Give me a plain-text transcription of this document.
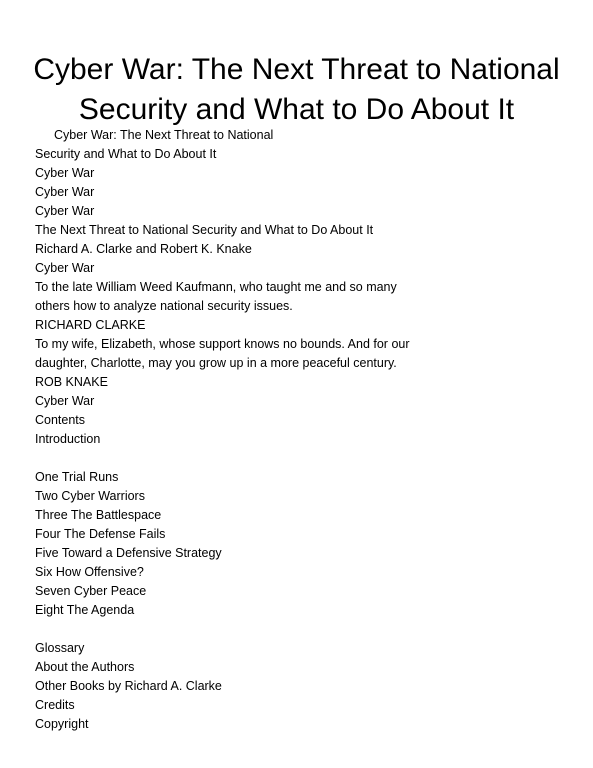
Cyber War: The Next Threat to National
Security and What to Do About It
Cyber War: The Next Threat to National
Security and What to Do About It
Cyber War
Cyber War
Cyber War
The Next Threat to National Security and What to Do About It
Richard A. Clarke and Robert K. Knake
Cyber War
To the late William Weed Kaufmann, who taught me and so many
others how to analyze national security issues.
RICHARD CLARKE
To my wife, Elizabeth, whose support knows no bounds. And for our
daughter, Charlotte, may you grow up in a more peaceful century.
ROB KNAKE
Cyber War
Contents
Introduction
One Trial Runs
Two Cyber Warriors
Three The Battlespace
Four The Defense Fails
Five Toward a Defensive Strategy
Six How Offensive?
Seven Cyber Peace
Eight The Agenda
Glossary
About the Authors
Other Books by Richard A. Clarke
Credits
Copyright
